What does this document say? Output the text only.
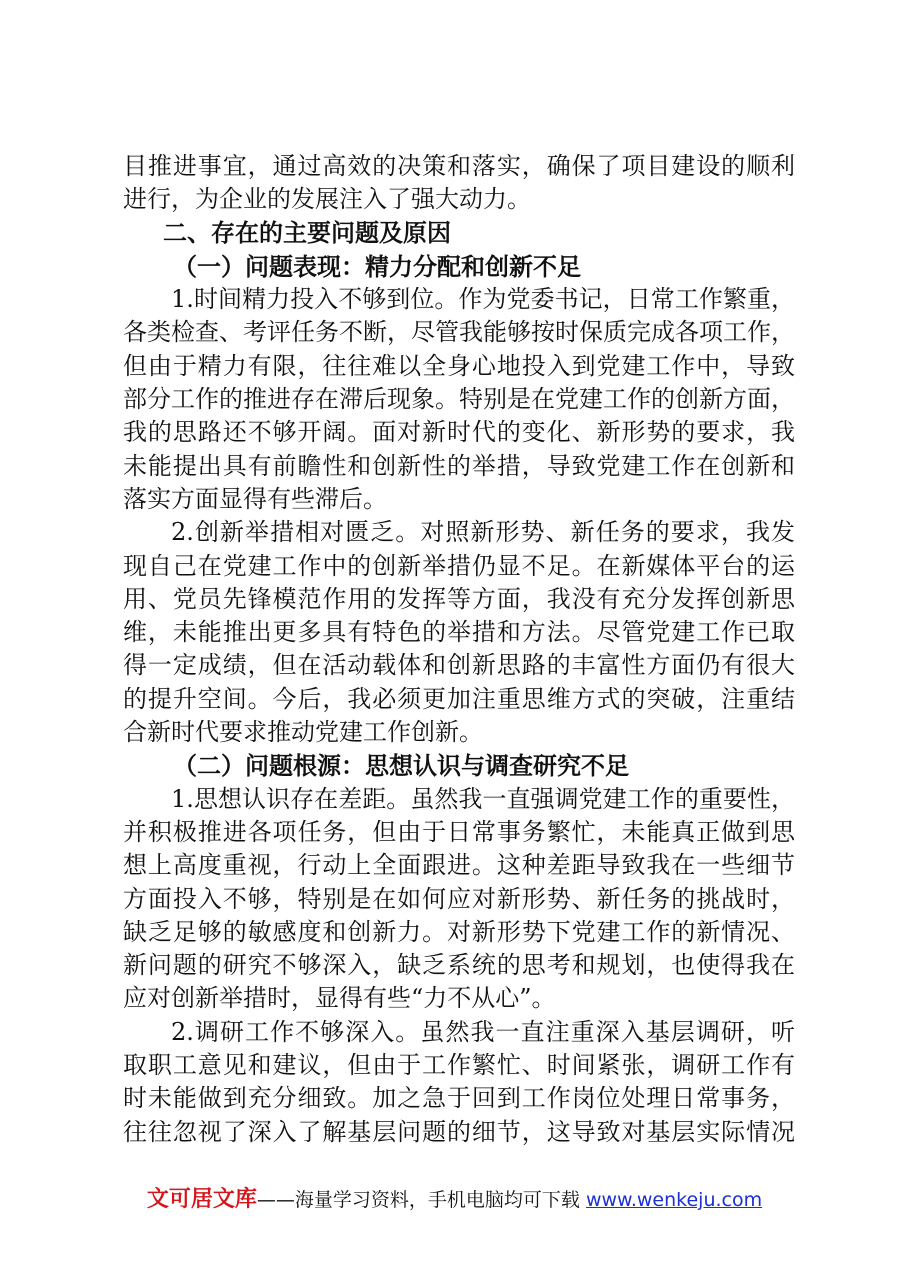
目推进事宜，通过高效的决策和落实，确保了项目建设的顺利
进行，为企业的发展注入了强大动力。
二、存在的主要问题及原因
（一）问题表现：精力分配和创新不足
1.时间精力投入不够到位。作为党委书记，日常工作繁重，
各类检查、考评任务不断，尽管我能够按时保质完成各项工作，
但由于精力有限，往往难以全身心地投入到党建工作中，导致
部分工作的推进存在滞后现象。特别是在党建工作的创新方面，
我的思路还不够开阔。面对新时代的变化、新形势的要求，我
未能提出具有前瞻性和创新性的举措，导致党建工作在创新和
落实方面显得有些滞后。
2.创新举措相对匮乏。对照新形势、新任务的要求，我发
现自己在党建工作中的创新举措仍显不足。在新媒体平台的运
用、党员先锋模范作用的发挥等方面，我没有充分发挥创新思
维，未能推出更多具有特色的举措和方法。尽管党建工作已取
得一定成绩，但在活动载体和创新思路的丰富性方面仍有很大
的提升空间。今后，我必须更加注重思维方式的突破，注重结
合新时代要求推动党建工作创新。
（二）问题根源：思想认识与调查研究不足
1.思想认识存在差距。虽然我一直强调党建工作的重要性，
并积极推进各项任务，但由于日常事务繁忙，未能真正做到思
想上高度重视，行动上全面跟进。这种差距导致我在一些细节
方面投入不够，特别是在如何应对新形势、新任务的挑战时，
缺乏足够的敏感度和创新力。对新形势下党建工作的新情况、
新问题的研究不够深入，缺乏系统的思考和规划，也使得我在
应对创新举措时，显得有些“力不从心”。
2.调研工作不够深入。虽然我一直注重深入基层调研，听
取职工意见和建议，但由于工作繁忙、时间紧张，调研工作有
时未能做到充分细致。加之急于回到工作岗位处理日常事务，
往往忽视了深入了解基层问题的细节，这导致对基层实际情况
文可居文库——海量学习资料，手机电脑均可下载 www.wenkeju.com
